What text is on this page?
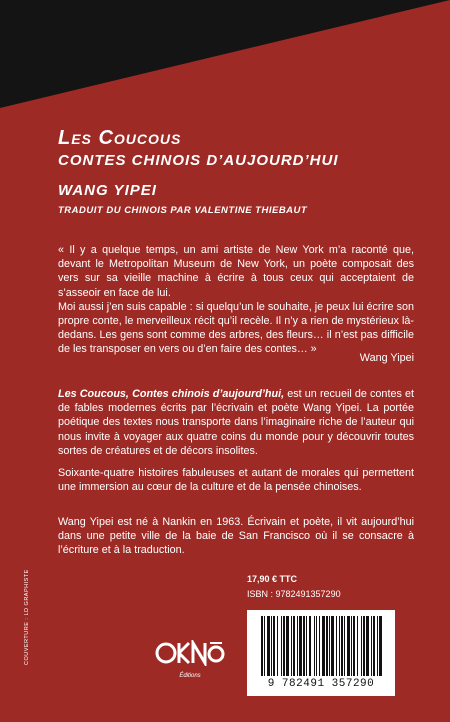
Les Coucous
CONTES CHINOIS D’AUJOURD’HUI
WANG YIPEI
TRADUIT DU CHINOIS PAR VALENTINE THIEBAUT

« Il y a quelque temps, un ami artiste de New York m’a raconté que, devant le Metropolitan Museum de New York, un poète composait des vers sur sa vieille machine à écrire à tous ceux qui acceptaient de s’asseoir en face de lui.

Moi aussi j’en suis capable : si quelqu’un le souhaite, je peux lui écrire son propre conte, le merveilleux récit qu’il recèle. Il n’y a rien de mystérieux là-dedans. Les gens sont comme des arbres, des fleurs… il n’est pas difficile de les transposer en vers ou d’en faire des contes… »

Wang Yipei

Les Coucous, Contes chinois d’aujourd’hui, est un recueil de contes et de fables modernes écrits par l’écrivain et poète Wang Yipei. La portée poétique des textes nous transporte dans l’imaginaire riche de l’auteur qui nous invite à voyager aux quatre coins du monde pour y découvrir toutes sortes de créatures et de décors insolites.

Soixante-quatre histoires fabuleuses et autant de morales qui permettent une immersion au cœur de la culture et de la pensée chinoises.

Wang Yipei est né à Nankin en 1963. Écrivain et poète, il vit aujourd’hui dans une petite ville de la baie de San Francisco où il se consacre à l’écriture et à la traduction.

17,90 € TTC
ISBN : 9782491357290
9 782491 357290
COUVERTURE : LD GRAPHISTE
Éditions
